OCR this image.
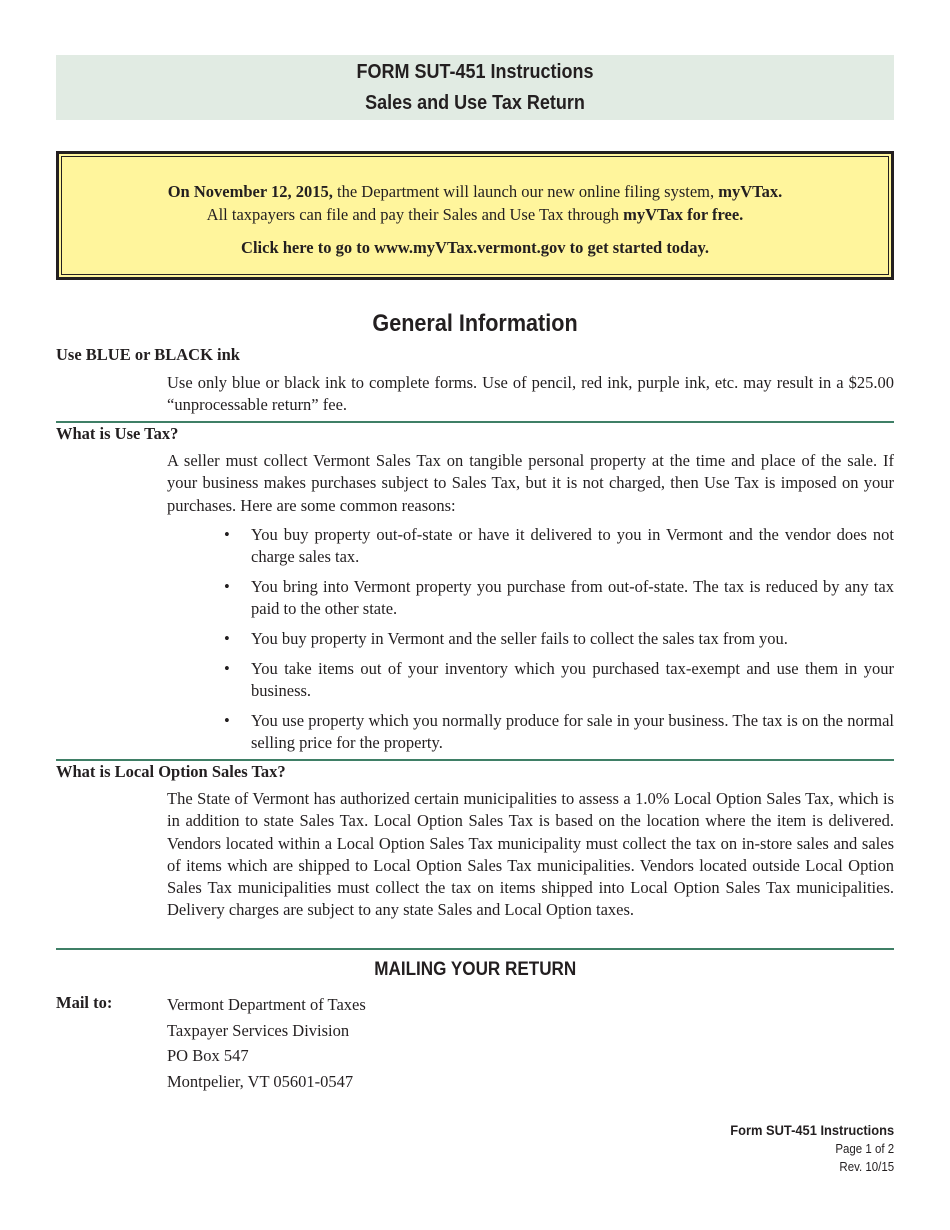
FORM SUT-451 Instructions
Sales and Use Tax Return
On November 12, 2015, the Department will launch our new online filing system, myVTax.
All taxpayers can file and pay their Sales and Use Tax through myVTax for free.
Click here to go to www.myVTax.vermont.gov to get started today.
General Information
Use BLUE or BLACK ink
Use only blue or black ink to complete forms. Use of pencil, red ink, purple ink, etc. may result in a $25.00 “unprocessable return” fee.
What is Use Tax?
A seller must collect Vermont Sales Tax on tangible personal property at the time and place of the sale. If your business makes purchases subject to Sales Tax, but it is not charged, then Use Tax is imposed on your purchases. Here are some common reasons:
• You buy property out-of-state or have it delivered to you in Vermont and the vendor does not charge sales tax.
• You bring into Vermont property you purchase from out-of-state. The tax is reduced by any tax paid to the other state.
• You buy property in Vermont and the seller fails to collect the sales tax from you.
• You take items out of your inventory which you purchased tax-exempt and use them in your business.
• You use property which you normally produce for sale in your business. The tax is on the normal selling price for the property.
What is Local Option Sales Tax?
The State of Vermont has authorized certain municipalities to assess a 1.0% Local Option Sales Tax, which is in addition to state Sales Tax. Local Option Sales Tax is based on the location where the item is delivered. Vendors located within a Local Option Sales Tax municipality must collect the tax on in-store sales and sales of items which are shipped to Local Option Sales Tax municipalities. Vendors located outside Local Option Sales Tax municipalities must collect the tax on items shipped into Local Option Sales Tax municipalities. Delivery charges are subject to any state Sales and Local Option taxes.
MAILING YOUR RETURN
Mail to:	Vermont Department of Taxes
Taxpayer Services Division
PO Box 547
Montpelier, VT 05601-0547
Form SUT-451 Instructions
Page 1 of 2
Rev. 10/15
